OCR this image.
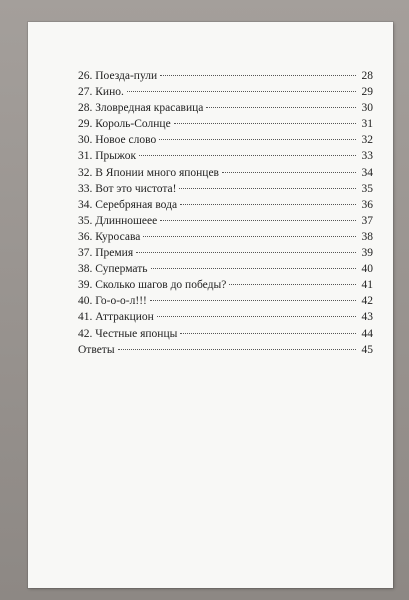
26. Поезда-пули	28
27. Кино.	29
28. Зловредная красавица	30
29. Король-Солнце	31
30. Новое слово	32
31. Прыжок	33
32. В Японии много японцев	34
33. Вот это чистота!	35
34. Серебряная вода	36
35. Длинношеее	37
36. Куросава	38
37. Премия	39
38. Супермать	40
39. Сколько шагов до победы?	41
40. Го-о-о-л!!!	42
41. Аттракцион	43
42. Честные японцы	44
Ответы	45
